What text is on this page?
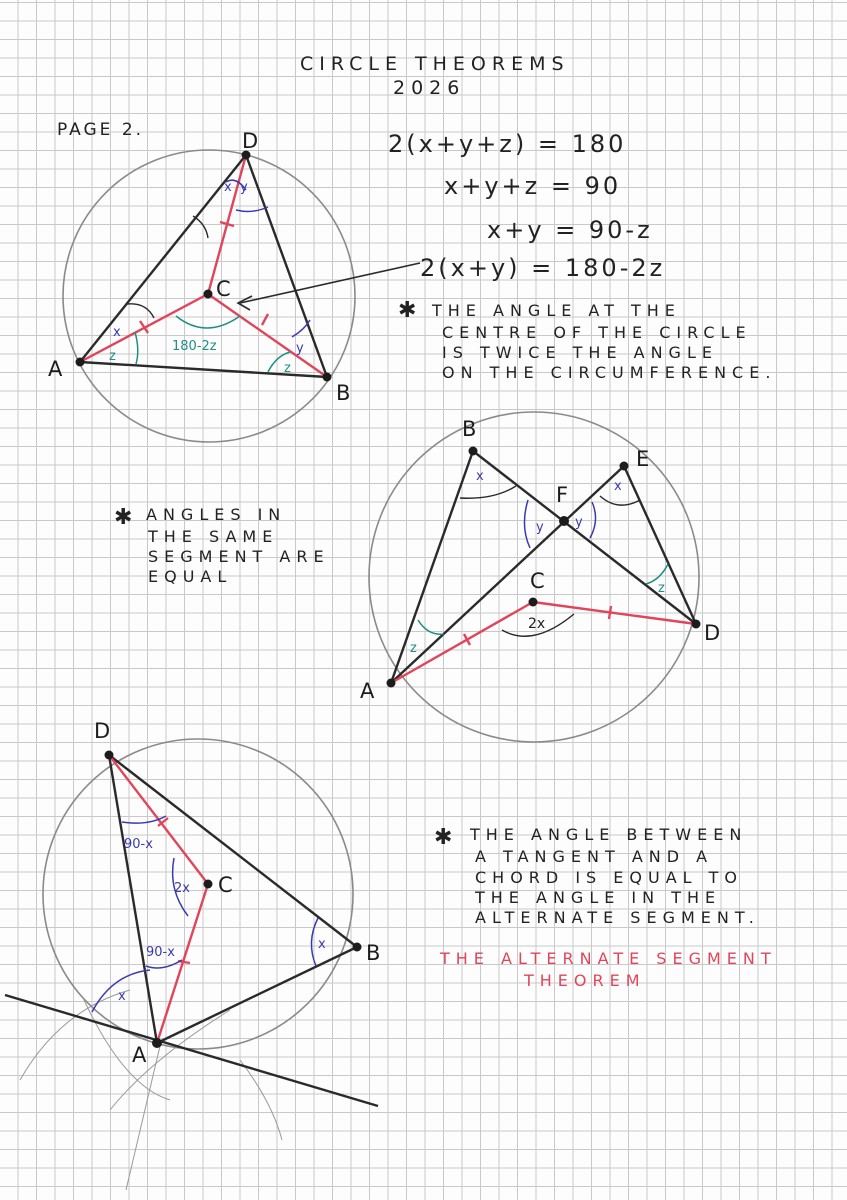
CIRCLE THEOREMS
2026
PAGE 2.	2(x+y+z) = 180
x+y+z = 90
x+y = 90-z
2(x+y) = 180-2z
A
B
C
D
x y
x
z
y
z
180-2z
✱ THE ANGLE AT THE
CENTRE OF THE CIRCLE
IS TWICE THE ANGLE
ON THE CIRCUMFERENCE.
A
B
C
D
E
F
x
x
y y
z
z
2x
✱ ANGLES IN
THE SAME
SEGMENT ARE
EQUAL
D
A
B
C
90-x
2x
90-x
x
x
✱ THE ANGLE BETWEEN
A TANGENT AND A
CHORD IS EQUAL TO
THE ANGLE IN THE
ALTERNATE SEGMENT.
THE ALTERNATE SEGMENT
THEOREM
